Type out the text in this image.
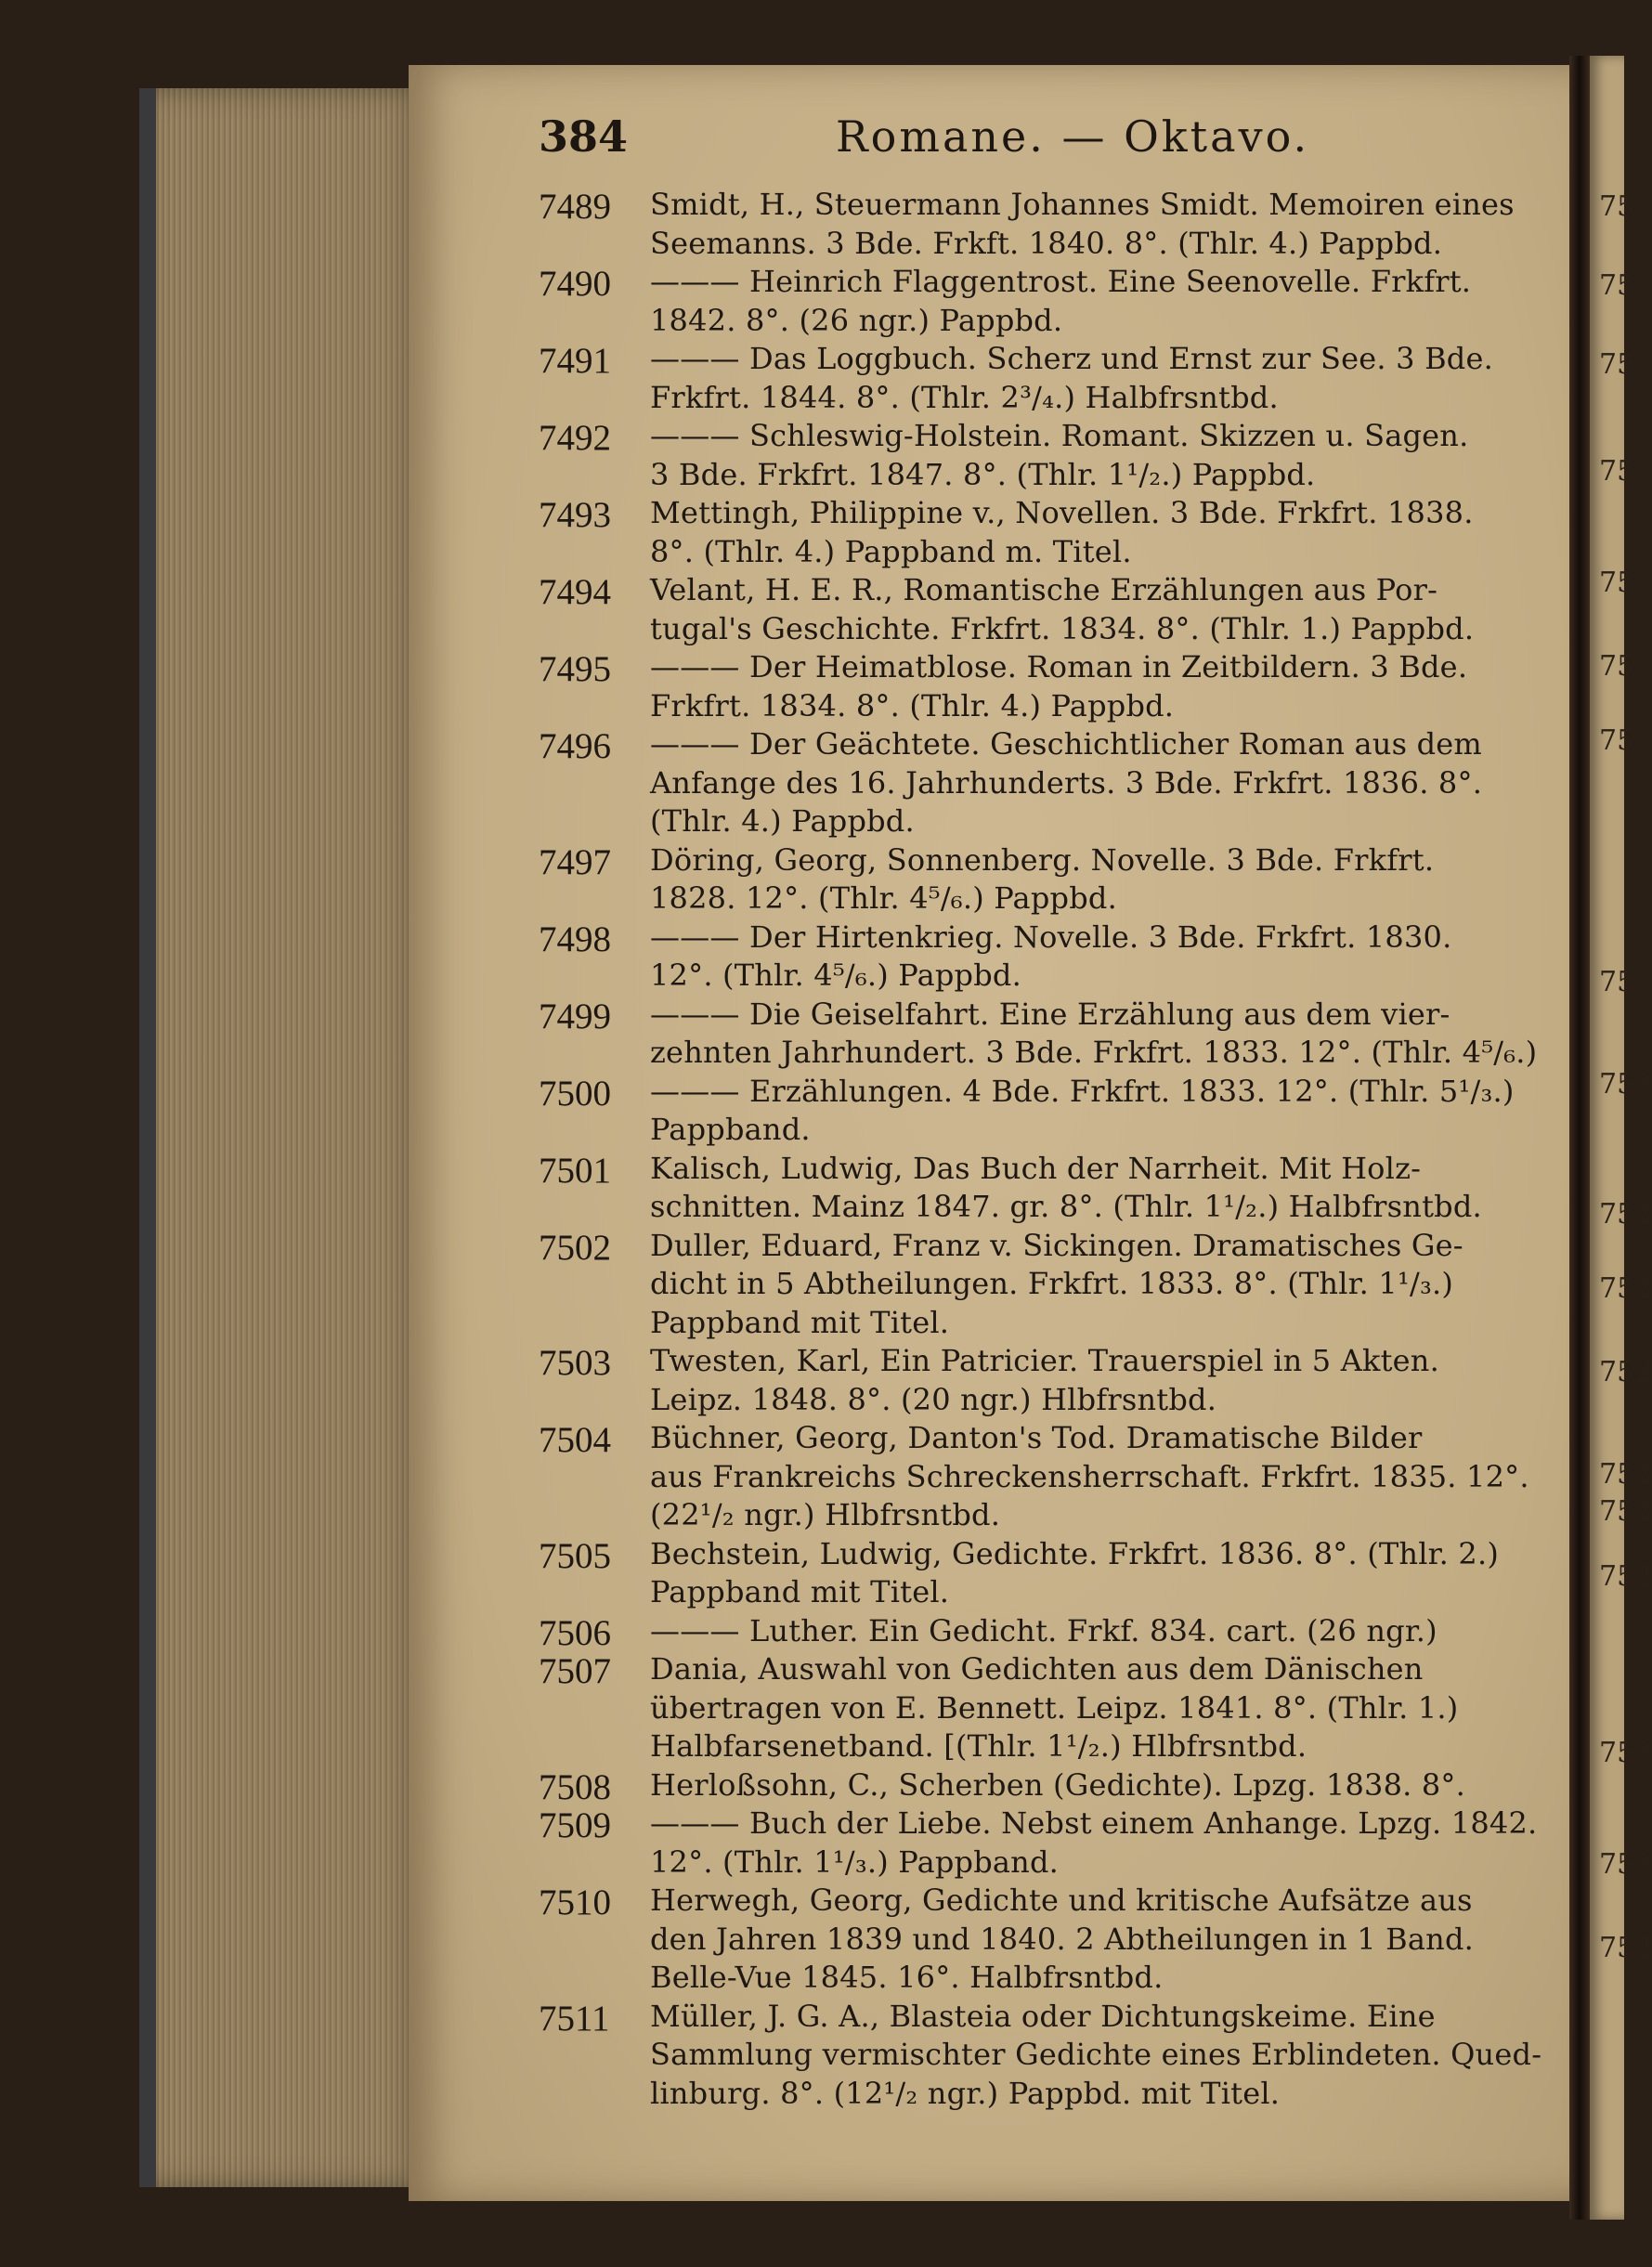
75
75
75
75
75
75
75
75
752
752
752
752
752
752
752
752
752
752
384	Romane. — Oktavo.
7489	Smidt, H., Steuermann Johannes Smidt. Memoiren eines
Seemanns. 3 Bde. Frkft. 1840. 8°. (Thlr. 4.) Pappbd.
7490	——— Heinrich Flaggentrost. Eine Seenovelle. Frkfrt.
1842. 8°. (26 ngr.) Pappbd.
7491	——— Das Loggbuch. Scherz und Ernst zur See. 3 Bde.
Frkfrt. 1844. 8°. (Thlr. 2³/₄.) Halbfrsntbd.
7492	——— Schleswig-Holstein. Romant. Skizzen u. Sagen.
3 Bde. Frkfrt. 1847. 8°. (Thlr. 1¹/₂.) Pappbd.
7493	Mettingh, Philippine v., Novellen. 3 Bde. Frkfrt. 1838.
8°. (Thlr. 4.) Pappband m. Titel.
7494	Velant, H. E. R., Romantische Erzählungen aus Por-
tugal's Geschichte. Frkfrt. 1834. 8°. (Thlr. 1.) Pappbd.
7495	——— Der Heimatblose. Roman in Zeitbildern. 3 Bde.
Frkfrt. 1834. 8°. (Thlr. 4.) Pappbd.
7496	——— Der Geächtete. Geschichtlicher Roman aus dem
Anfange des 16. Jahrhunderts. 3 Bde. Frkfrt. 1836. 8°.
(Thlr. 4.) Pappbd.
7497	Döring, Georg, Sonnenberg. Novelle. 3 Bde. Frkfrt.
1828. 12°. (Thlr. 4⁵/₆.) Pappbd.
7498	——— Der Hirtenkrieg. Novelle. 3 Bde. Frkfrt. 1830.
12°. (Thlr. 4⁵/₆.) Pappbd.
7499	——— Die Geiselfahrt. Eine Erzählung aus dem vier-
zehnten Jahrhundert. 3 Bde. Frkfrt. 1833. 12°. (Thlr. 4⁵/₆.)
7500	——— Erzählungen. 4 Bde. Frkfrt. 1833. 12°. (Thlr. 5¹/₃.)
Pappband.
7501	Kalisch, Ludwig, Das Buch der Narrheit. Mit Holz-
schnitten. Mainz 1847. gr. 8°. (Thlr. 1¹/₂.) Halbfrsntbd.
7502	Duller, Eduard, Franz v. Sickingen. Dramatisches Ge-
dicht in 5 Abtheilungen. Frkfrt. 1833. 8°. (Thlr. 1¹/₃.)
Pappband mit Titel.
7503	Twesten, Karl, Ein Patricier. Trauerspiel in 5 Akten.
Leipz. 1848. 8°. (20 ngr.) Hlbfrsntbd.
7504	Büchner, Georg, Danton's Tod. Dramatische Bilder
aus Frankreichs Schreckensherrschaft. Frkfrt. 1835. 12°.
(22¹/₂ ngr.) Hlbfrsntbd.
7505	Bechstein, Ludwig, Gedichte. Frkfrt. 1836. 8°. (Thlr. 2.)
Pappband mit Titel.
7506	——— Luther. Ein Gedicht. Frkf. 834. cart. (26 ngr.)
7507	Dania, Auswahl von Gedichten aus dem Dänischen
übertragen von E. Bennett. Leipz. 1841. 8°. (Thlr. 1.)
Halbfarsenetband. [(Thlr. 1¹/₂.) Hlbfrsntbd.
7508	Herloßsohn, C., Scherben (Gedichte). Lpzg. 1838. 8°.
7509	——— Buch der Liebe. Nebst einem Anhange. Lpzg. 1842.
12°. (Thlr. 1¹/₃.) Pappband.
7510	Herwegh, Georg, Gedichte und kritische Aufsätze aus
den Jahren 1839 und 1840. 2 Abtheilungen in 1 Band.
Belle-Vue 1845. 16°. Halbfrsntbd.
7511	Müller, J. G. A., Blasteia oder Dichtungskeime. Eine
Sammlung vermischter Gedichte eines Erblindeten. Qued-
linburg. 8°. (12¹/₂ ngr.) Pappbd. mit Titel.
